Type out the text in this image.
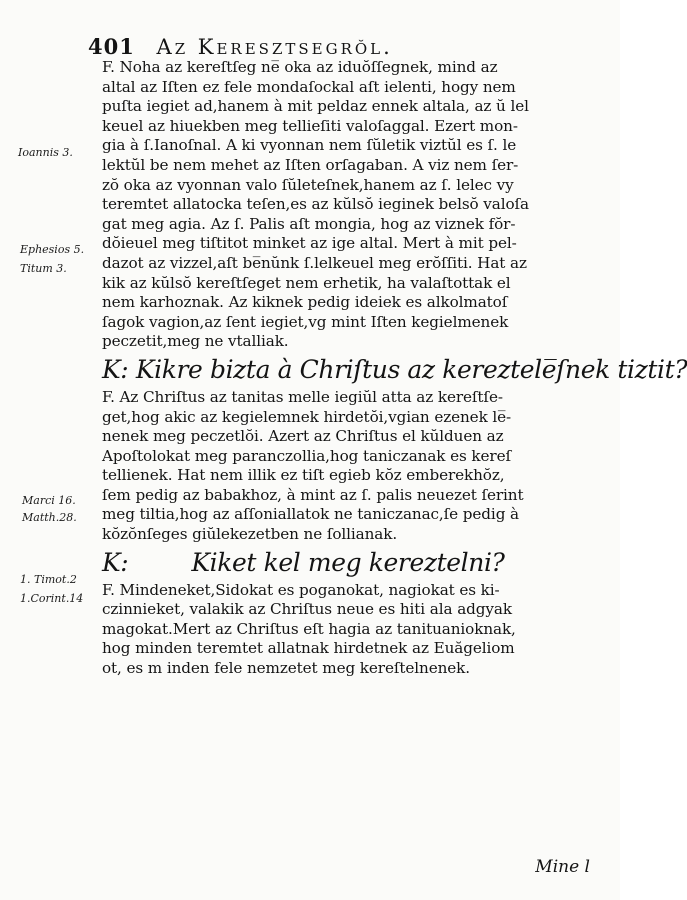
401 Az Keresztsegrŏl.
F. Noha az kereſtſeg ne̅ oka az iduŏſſegnek, mind az
altal az Iſten ez fele mondaſockal aſt ielenti, hogy nem
puſta iegiet ad,hanem à mit peldaz ennek altala, az ŭ lel
keuel az hiuekben meg tellieſiti valoſaggal. Ezert mon-
gia à ſ.Ianoſnal. A ki vyonnan nem ſŭletik viztŭl es ſ. le
lektŭl be nem mehet az Iſten orſagaban. A viz nem ſer-
zŏ oka az vyonnan valo ſŭleteſnek,hanem az ſ. lelec vy
teremtet allatocka teſen,es az kŭlsŏ ieginek belsŏ valoſa
gat meg agia. Az ſ. Palis aſt mongia, hog az viznek fŏr-
dŏieuel meg tiſtitot minket az ige altal. Mert à mit pel-
dazot az vizzel,aſt be̅nŭnk ſ.lelkeuel meg erŏſſiti. Hat az
kik az kŭlsŏ kereſtſeget nem erhetik, ha valaſtottak el
nem karhoznak. Az kiknek pedig ideiek es alkolmatoſ
ſagok vagion,az ſent iegiet,vg mint Iſten kegielmenek
peczetit,meg ne vtalliak.
K: Kikre bizta à Chriſtus az kereztele̅ſnek tiztit?
F. Az Chriſtus az tanitas melle iegiŭl atta az kereſtſe-
get,hog akic az kegielemnek hirdetŏi,vgian ezenek le̅-
nenek meg peczetlŏi. Azert az Chriſtus el kŭlduen az
Apoſtolokat meg paranczollia,hog taniczanak es kereſ
tellienek. Hat nem illik ez tiſt egieb kŏz emberekhŏz,
ſem pedig az babakhoz, à mint az ſ. palis neuezet ſerint
meg tiltia,hog az aſſoniallatok ne taniczanac,ſe pedig à
kŏzŏnſeges giŭlekezetben ne ſollianak.
K:	Kiket kel meg kereztelni?
F. Mindeneket,Sidokat es poganokat, nagiokat es ki-
czinnieket, valakik az Chriſtus neue es hiti ala adgyak
magokat.Mert az Chriſtus eſt hagia az tanituanioknak,
hog minden teremtet allatnak hirdetnek az Euăgeliom
ot, es m inden fele nemzetet meg kereſtelnenek.
Ioannis 3.
Ephesios 5.
Titum 3.
Marci 16.
Matth.28.
1. Timot.2
1.Corint.14
Mine l
